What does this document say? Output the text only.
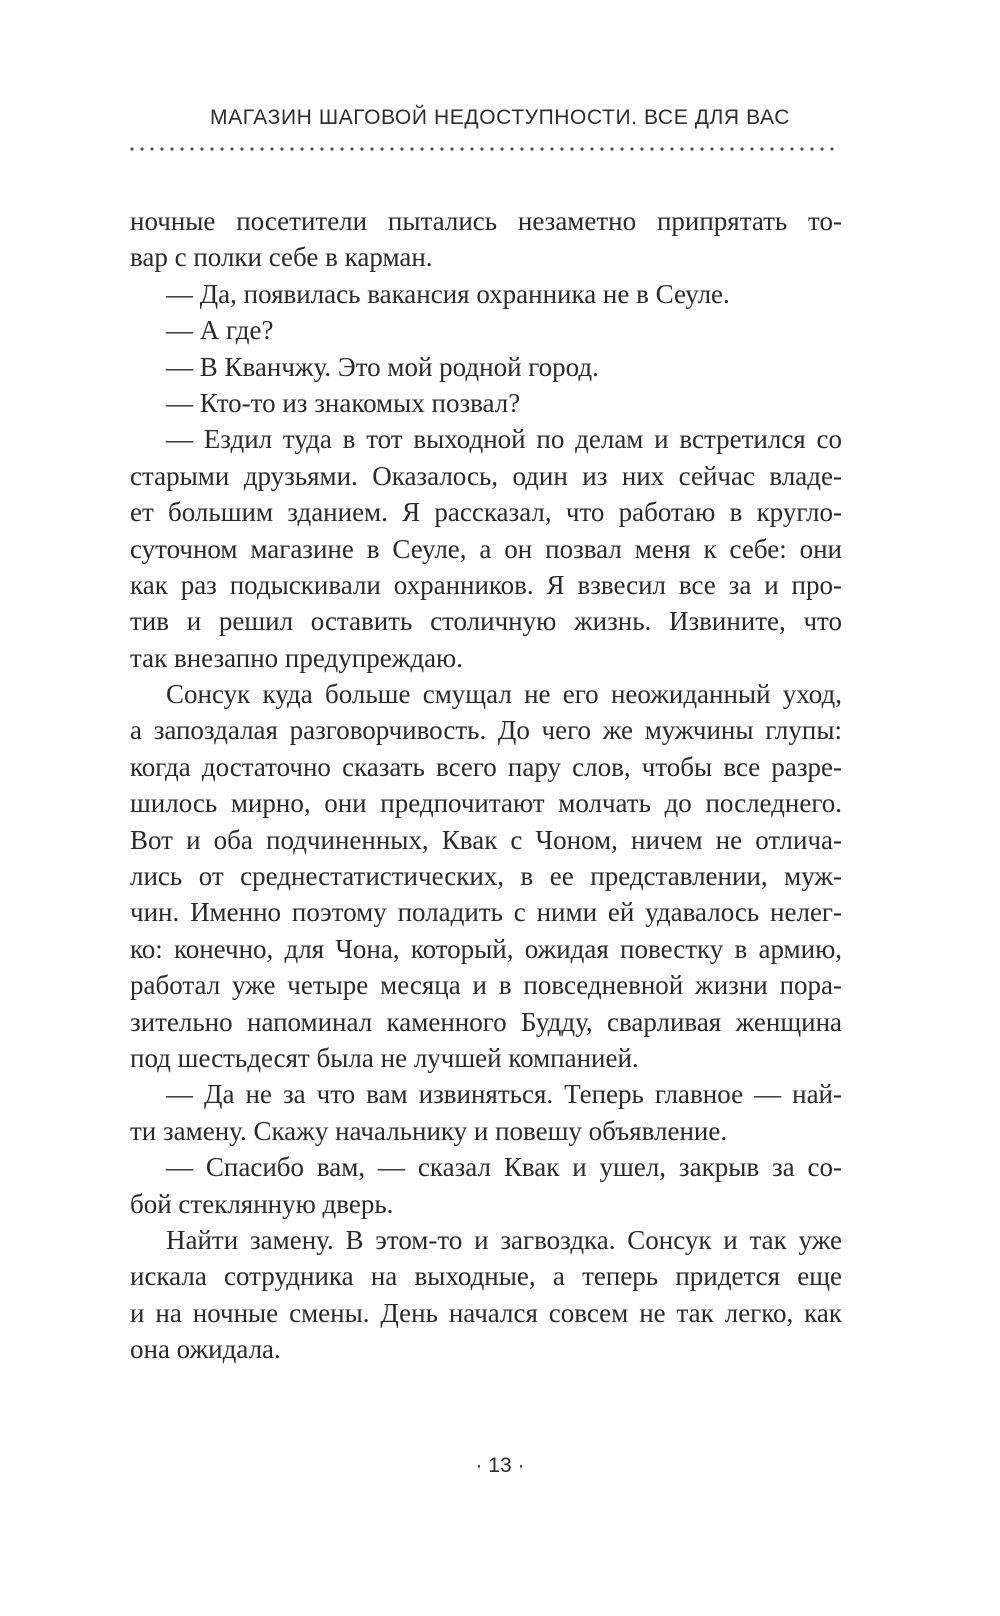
МАГАЗИН ШАГОВОЙ НЕДОСТУПНОСТИ. ВСЕ ДЛЯ ВАС
ночные посетители пытались незаметно припрятать то-
вар с полки себе в карман.
— Да, появилась вакансия охранника не в Сеуле.
— А где?
— В Кванчжу. Это мой родной город.
— Кто-то из знакомых позвал?
— Ездил туда в тот выходной по делам и встретился со
старыми друзьями. Оказалось, один из них сейчас владе-
ет большим зданием. Я рассказал, что работаю в кругло-
суточном магазине в Сеуле, а он позвал меня к себе: они
как раз подыскивали охранников. Я взвесил все за и про-
тив и решил оставить столичную жизнь. Извините, что
так внезапно предупреждаю.
Сонсук куда больше смущал не его неожиданный уход,
а запоздалая разговорчивость. До чего же мужчины глупы:
когда достаточно сказать всего пару слов, чтобы все разре-
шилось мирно, они предпочитают молчать до последнего.
Вот и оба подчиненных, Квак с Чоном, ничем не отлича-
лись от среднестатистических, в ее представлении, муж-
чин. Именно поэтому поладить с ними ей удавалось нелег-
ко: конечно, для Чона, который, ожидая повестку в армию,
работал уже четыре месяца и в повседневной жизни пора-
зительно напоминал каменного Будду, сварливая женщина
под шестьдесят была не лучшей компанией.
— Да не за что вам извиняться. Теперь главное — най-
ти замену. Скажу начальнику и повешу объявление.
— Спасибо вам, — сказал Квак и ушел, закрыв за со-
бой стеклянную дверь.
Найти замену. В этом-то и загвоздка. Сонсук и так уже
искала сотрудника на выходные, а теперь придется еще
и на ночные смены. День начался совсем не так легко, как
она ожидала.
· 13 ·
